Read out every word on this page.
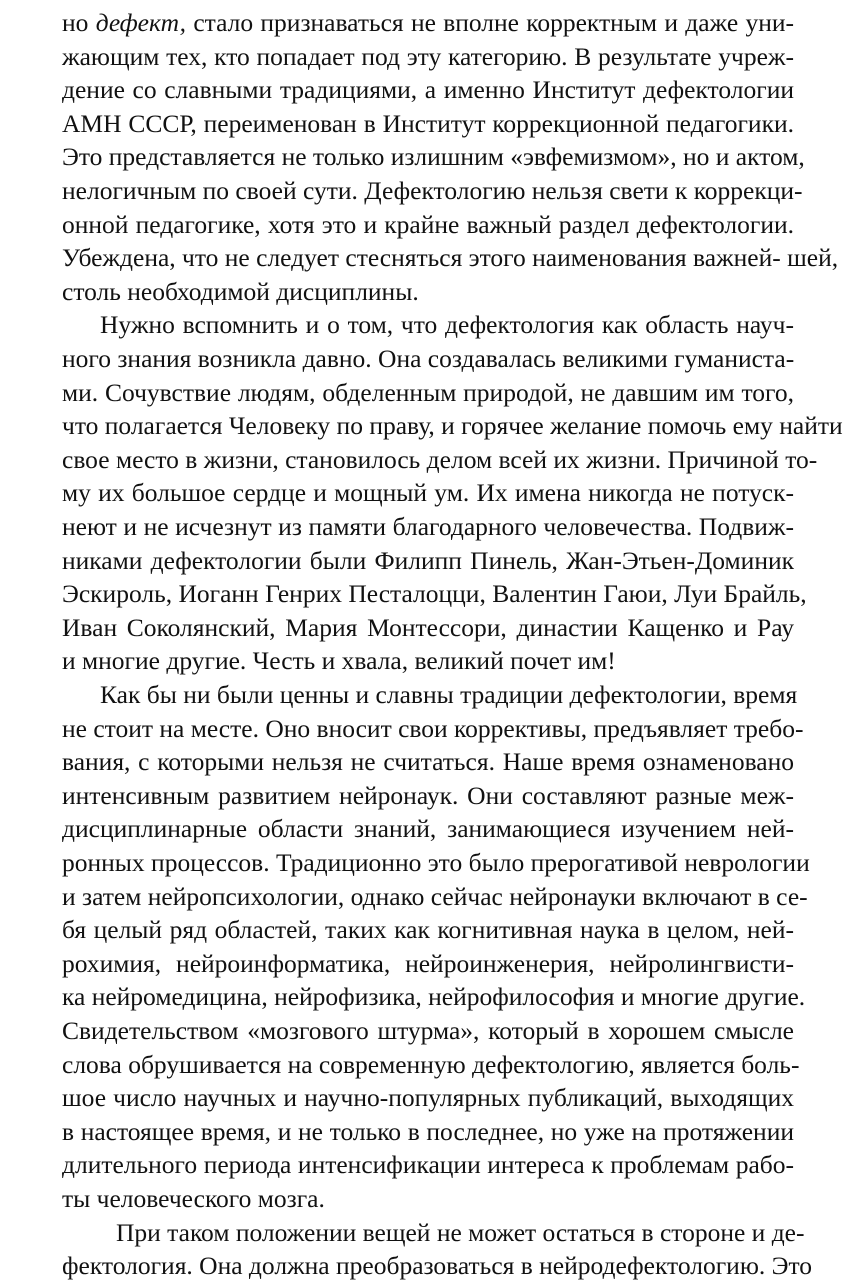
но дефект, стало признаваться не вполне корректным и даже уни-
жающим тех, кто попадает под эту категорию. В результате учреж-
дение со славными традициями, а именно Институт дефектологии
АМН СССР, переименован в Институт коррекционной педагогики.
Это представляется не только излишним «эвфемизмом», но и актом,
нелогичным по своей сути. Дефектологию нельзя свети к коррекци-
онной педагогике, хотя это и крайне важный раздел дефектологии.
Убеждена, что не следует стесняться этого наименования важней- шей,
столь необходимой дисциплины.
Нужно вспомнить и о том, что дефектология как область науч-
ного знания возникла давно. Она создавалась великими гуманиста-
ми. Сочувствие людям, обделенным природой, не давшим им того,
что полагается Человеку по праву, и горячее желание помочь ему найти
свое место в жизни, становилось делом всей их жизни. Причиной то-
му их большое сердце и мощный ум. Их имена никогда не потуск-
неют и не исчезнут из памяти благодарного человечества. Подвиж-
никами дефектологии были Филипп Пинель, Жан-Этьен-Доминик
Эскироль, Иоганн Генрих Песталоцци, Валентин Гаюи, Луи Брайль,
Иван Соколянский, Мария Монтессори, династии Кащенко и Рау
и многие другие. Честь и хвала, великий почет им!
Как бы ни были ценны и славны традиции дефектологии, время
не стоит на месте. Оно вносит свои коррективы, предъявляет требо-
вания, с которыми нельзя не считаться. Наше время ознаменовано
интенсивным развитием нейронаук. Они составляют разные меж-
дисциплинарные области знаний, занимающиеся изучением ней-
ронных процессов. Традиционно это было прерогативой неврологии
и затем нейропсихологии, однако сейчас нейронауки включают в се-
бя целый ряд областей, таких как когнитивная наука в целом, ней-
рохимия, нейроинформатика, нейроинженерия, нейролингвисти-
ка нейромедицина, нейрофизика, нейрофилософия и многие другие.
Свидетельством «мозгового штурма», который в хорошем смысле
слова обрушивается на современную дефектологию, является боль-
шое число научных и научно-популярных публикаций, выходящих
в настоящее время, и не только в последнее, но уже на протяжении
длительного периода интенсификации интереса к проблемам рабо-
ты человеческого мозга.
При таком положении вещей не может остаться в стороне и де-
фектология. Она должна преобразоваться в нейродефектологию. Это
